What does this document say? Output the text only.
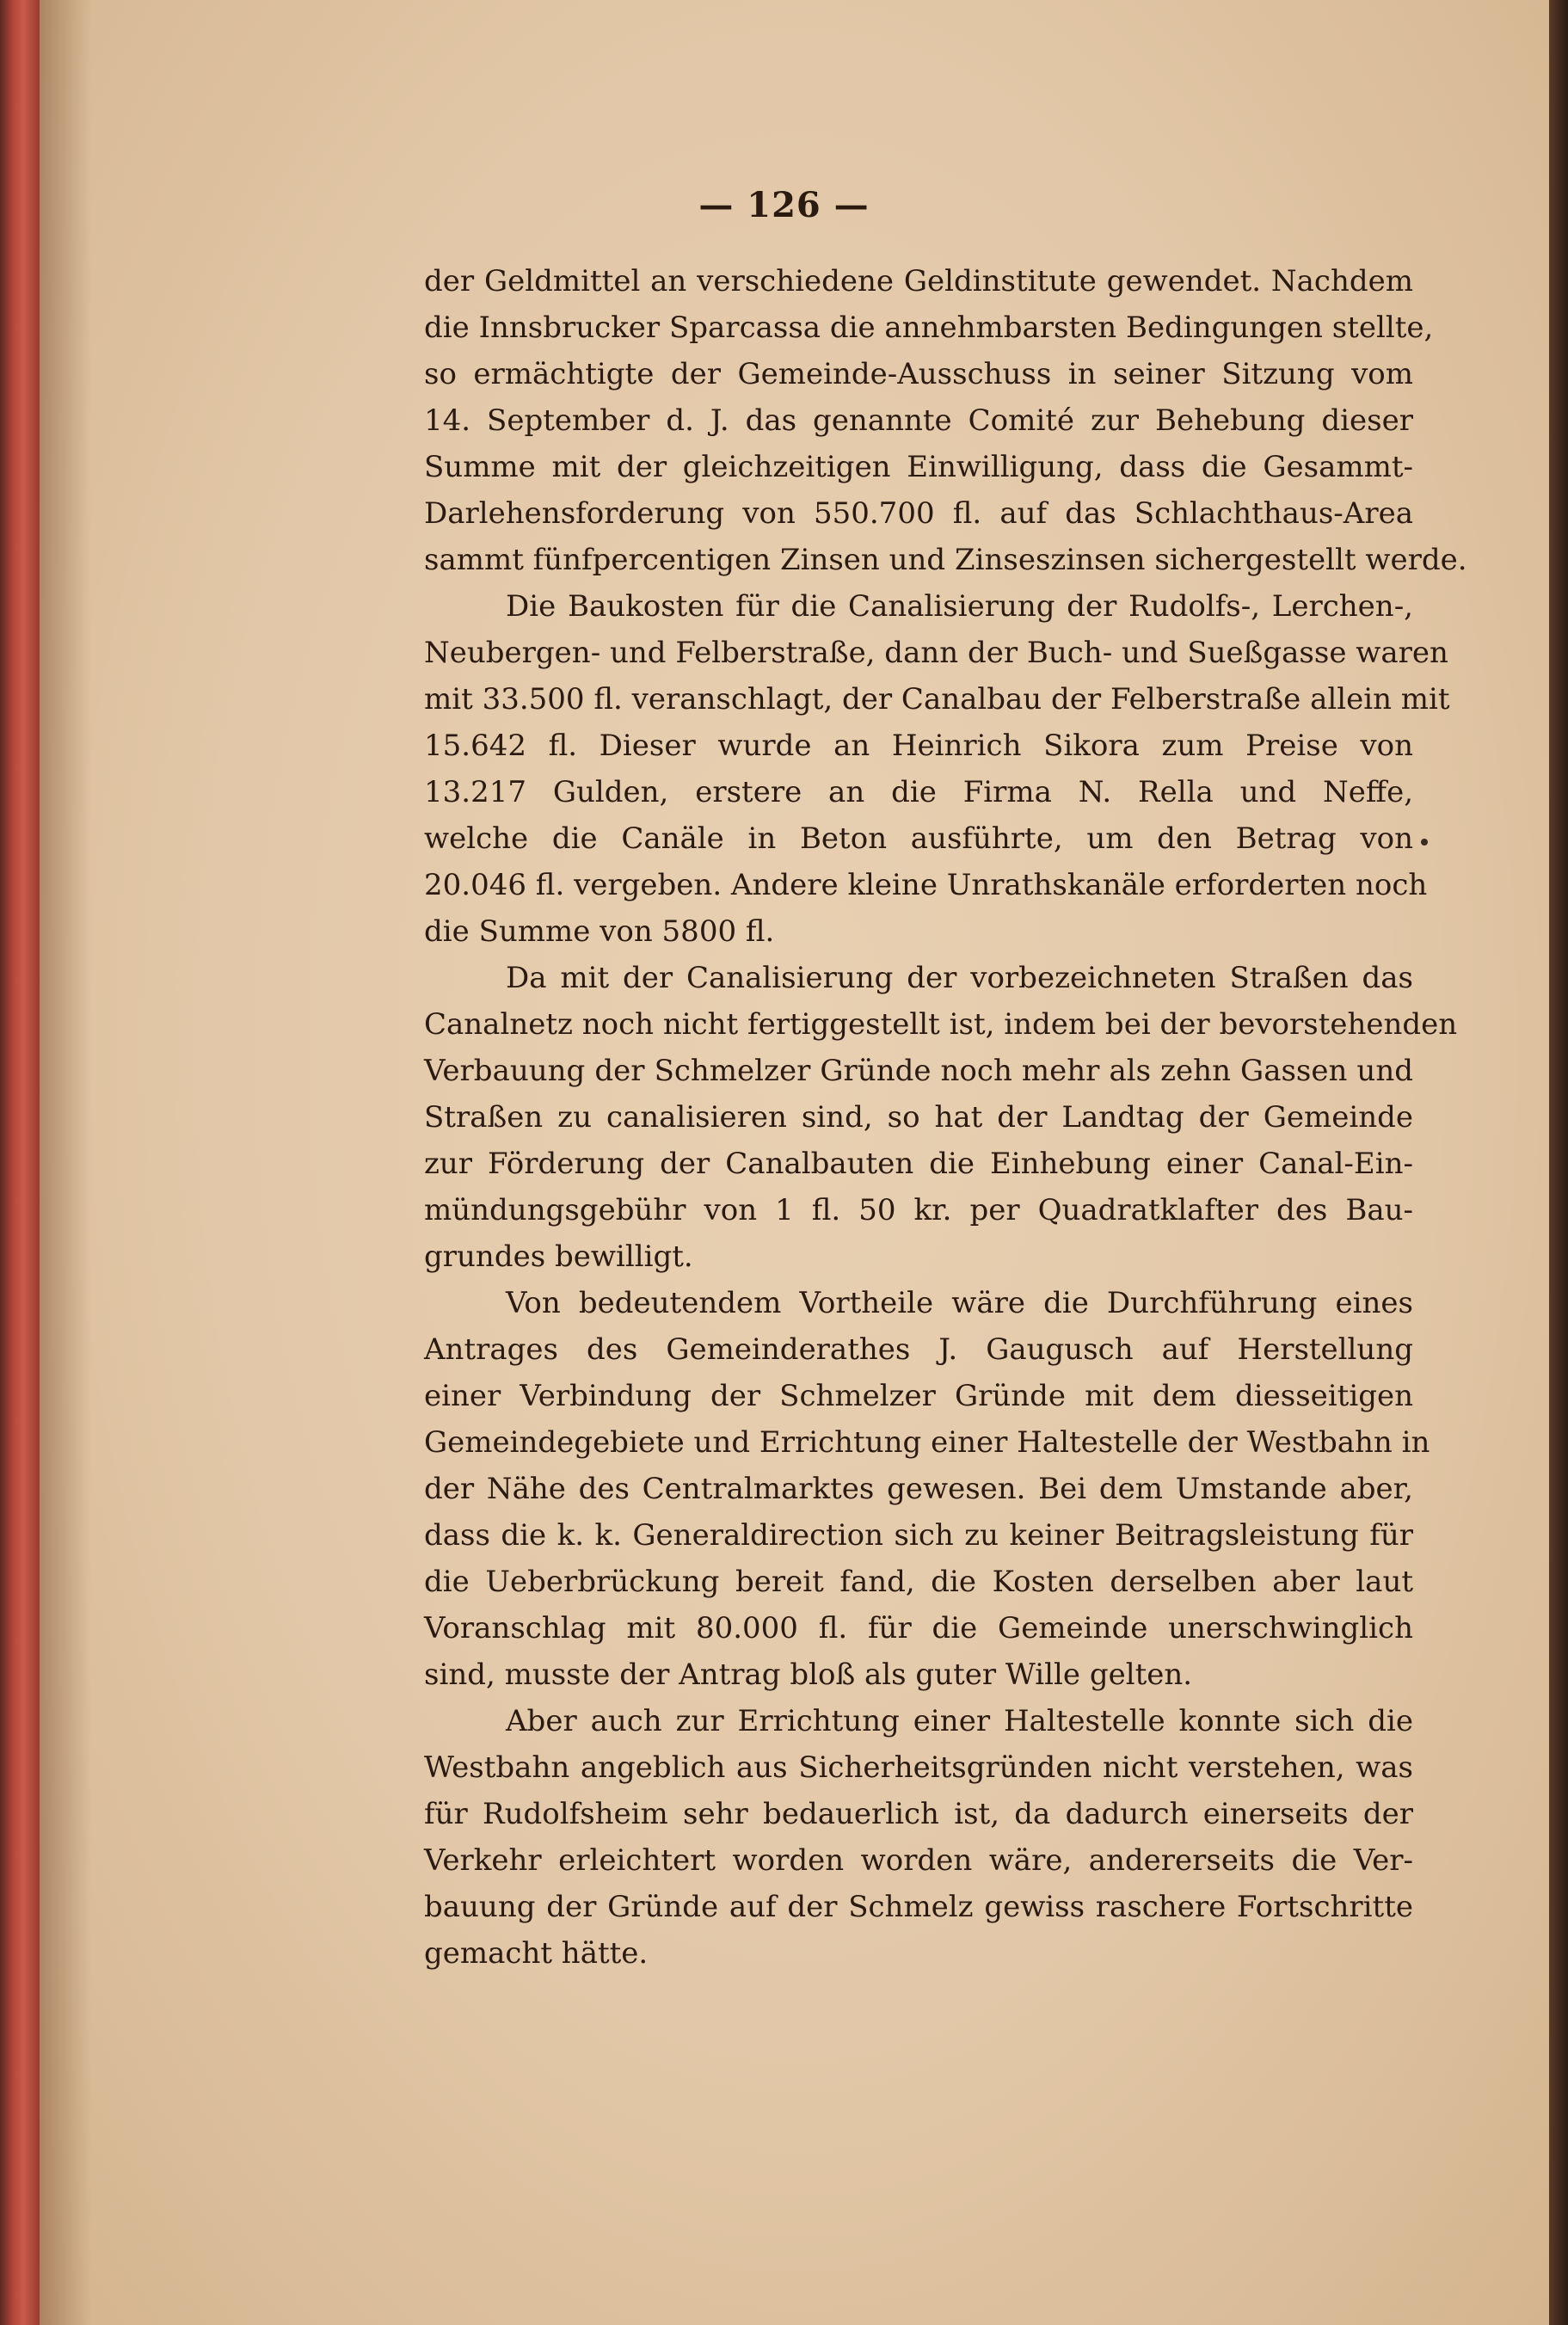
— 126 —
der Geldmittel an verschiedene Geldinstitute gewendet. Nachdem
die Innsbrucker Sparcassa die annehmbarsten Bedingungen stellte,
so ermächtigte der Gemeinde-Ausschuss in seiner Sitzung vom
14. September d. J. das genannte Comité zur Behebung dieser
Summe mit der gleichzeitigen Einwilligung, dass die Gesammt-
Darlehensforderung von 550.700 fl. auf das Schlachthaus-Area
sammt fünfpercentigen Zinsen und Zinseszinsen sichergestellt werde.
Die Baukosten für die Canalisierung der Rudolfs-, Lerchen-,
Neubergen- und Felberstraße, dann der Buch- und Sueßgasse waren
mit 33.500 fl. veranschlagt, der Canalbau der Felberstraße allein mit
15.642 fl. Dieser wurde an Heinrich Sikora zum Preise von
13.217 Gulden, erstere an die Firma N. Rella und Neffe,
welche die Canäle in Beton ausführte, um den Betrag von
20.046 fl. vergeben. Andere kleine Unrathskanäle erforderten noch
die Summe von 5800 fl.
Da mit der Canalisierung der vorbezeichneten Straßen das
Canalnetz noch nicht fertiggestellt ist, indem bei der bevorstehenden
Verbauung der Schmelzer Gründe noch mehr als zehn Gassen und
Straßen zu canalisieren sind, so hat der Landtag der Gemeinde
zur Förderung der Canalbauten die Einhebung einer Canal-Ein-
mündungsgebühr von 1 fl. 50 kr. per Quadratklafter des Bau-
grundes bewilligt.
Von bedeutendem Vortheile wäre die Durchführung eines
Antrages des Gemeinderathes J. Gaugusch auf Herstellung
einer Verbindung der Schmelzer Gründe mit dem diesseitigen
Gemeindegebiete und Errichtung einer Haltestelle der Westbahn in
der Nähe des Centralmarktes gewesen. Bei dem Umstande aber,
dass die k. k. Generaldirection sich zu keiner Beitragsleistung für
die Ueberbrückung bereit fand, die Kosten derselben aber laut
Voranschlag mit 80.000 fl. für die Gemeinde unerschwinglich
sind, musste der Antrag bloß als guter Wille gelten.
Aber auch zur Errichtung einer Haltestelle konnte sich die
Westbahn angeblich aus Sicherheitsgründen nicht verstehen, was
für Rudolfsheim sehr bedauerlich ist, da dadurch einerseits der
Verkehr erleichtert worden worden wäre, andererseits die Ver-
bauung der Gründe auf der Schmelz gewiss raschere Fortschritte
gemacht hätte.
